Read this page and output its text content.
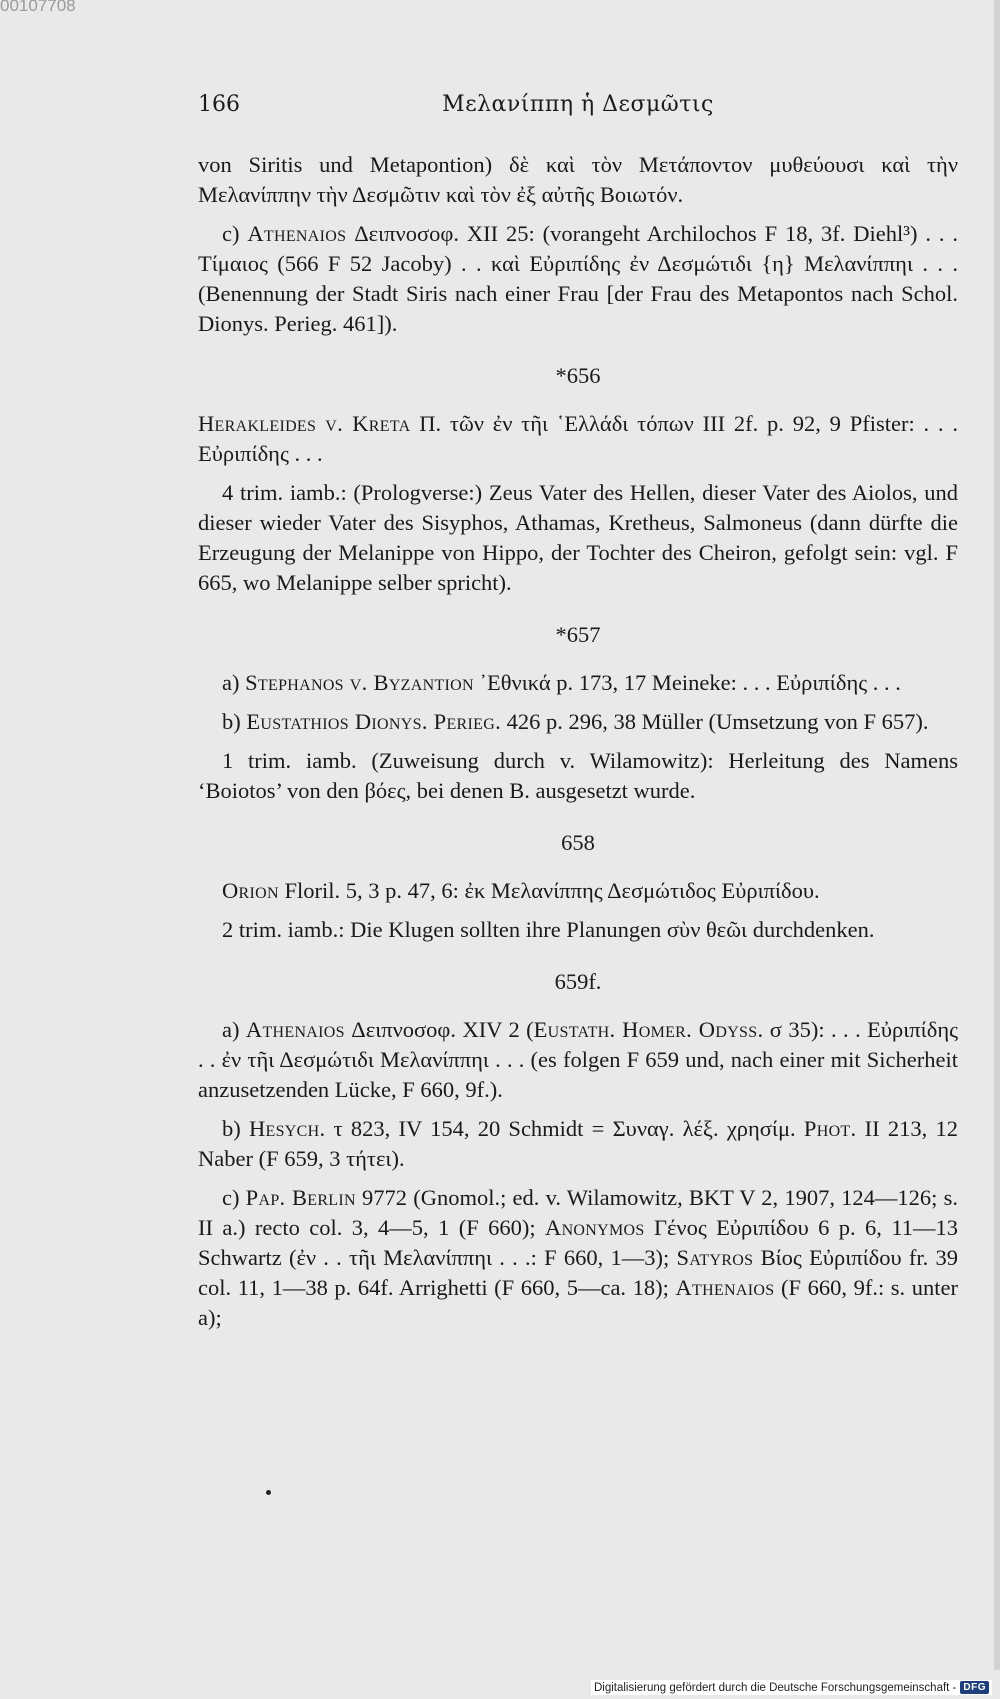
00107708
166	Μελανίππη ἡ Δεσμῶτις

von Siritis und Metapontion) δὲ καὶ τὸν Μετάποντον μυθεύουσι καὶ τὴν Μελανίππην τὴν Δεσμῶτιν καὶ τὸν ἐξ αὐτῆς Βοιωτόν.

c) Athenaios Δειπνοσοφ. XII 25: (vorangeht Archilochos F 18, 3f. Diehl³) . . . Τίμαιος (566 F 52 Jacoby) . . καὶ Εὐριπίδης ἐν Δεσμώτιδι {η} Μελανίππηι . . . (Benennung der Stadt Siris nach einer Frau [der Frau des Metapontos nach Schol. Dionys. Perieg. 461]).

*656

Herakleides v. Kreta Π. τῶν ἐν τῆι ῾Ελλάδι τόπων III 2f. p. 92, 9 Pfister: . . . Εὐριπίδης . . .

4 trim. iamb.: (Prologverse:) Zeus Vater des Hellen, dieser Vater des Aiolos, und dieser wieder Vater des Sisyphos, Athamas, Kretheus, Salmoneus (dann dürfte die Erzeugung der Melanippe von Hippo, der Tochter des Cheiron, gefolgt sein: vgl. F 665, wo Melanippe selber spricht).

*657

a) Stephanos v. Byzantion ᾿Εθνικά p. 173, 17 Meineke: . . . Εὐριπίδης . . .

b) Eustathios Dionys. Perieg. 426 p. 296, 38 Müller (Umsetzung von F 657).

1 trim. iamb. (Zuweisung durch v. Wilamowitz): Herleitung des Namens ‘Boiotos’ von den βόες, bei denen B. ausgesetzt wurde.

658

Orion Floril. 5, 3 p. 47, 6: ἐκ Μελανίππης Δεσμώτιδος Εὐριπίδου.

2 trim. iamb.: Die Klugen sollten ihre Planungen σὺν θεῶι durchdenken.

659f.

a) Athenaios Δειπνοσοφ. XIV 2 (Eustath. Homer. Odyss. σ 35): . . . Εὐριπίδης . . ἐν τῆι Δεσμώτιδι Μελανίππηι . . . (es folgen F 659 und, nach einer mit Sicherheit anzusetzenden Lücke, F 660, 9f.).

b) Hesych. τ 823, IV 154, 20 Schmidt = Συναγ. λέξ. χρησίμ. Phot. II 213, 12 Naber (F 659, 3 τήτει).

c) Pap. Berlin 9772 (Gnomol.; ed. v. Wilamowitz, BKT V 2, 1907, 124—126; s. II a.) recto col. 3, 4—5, 1 (F 660); Anonymos Γένος Εὐριπίδου 6 p. 6, 11—13 Schwartz (ἐν . . τῆι Μελανίππηι . . .: F 660, 1—3); Satyros Βίος Εὐριπίδου fr. 39 col. 11, 1—38 p. 64f. Arrighetti (F 660, 5—ca. 18); Athenaios (F 660, 9f.: s. unter a);

Digitalisierung gefördert durch die Deutsche Forschungsgemeinschaft - DFG
